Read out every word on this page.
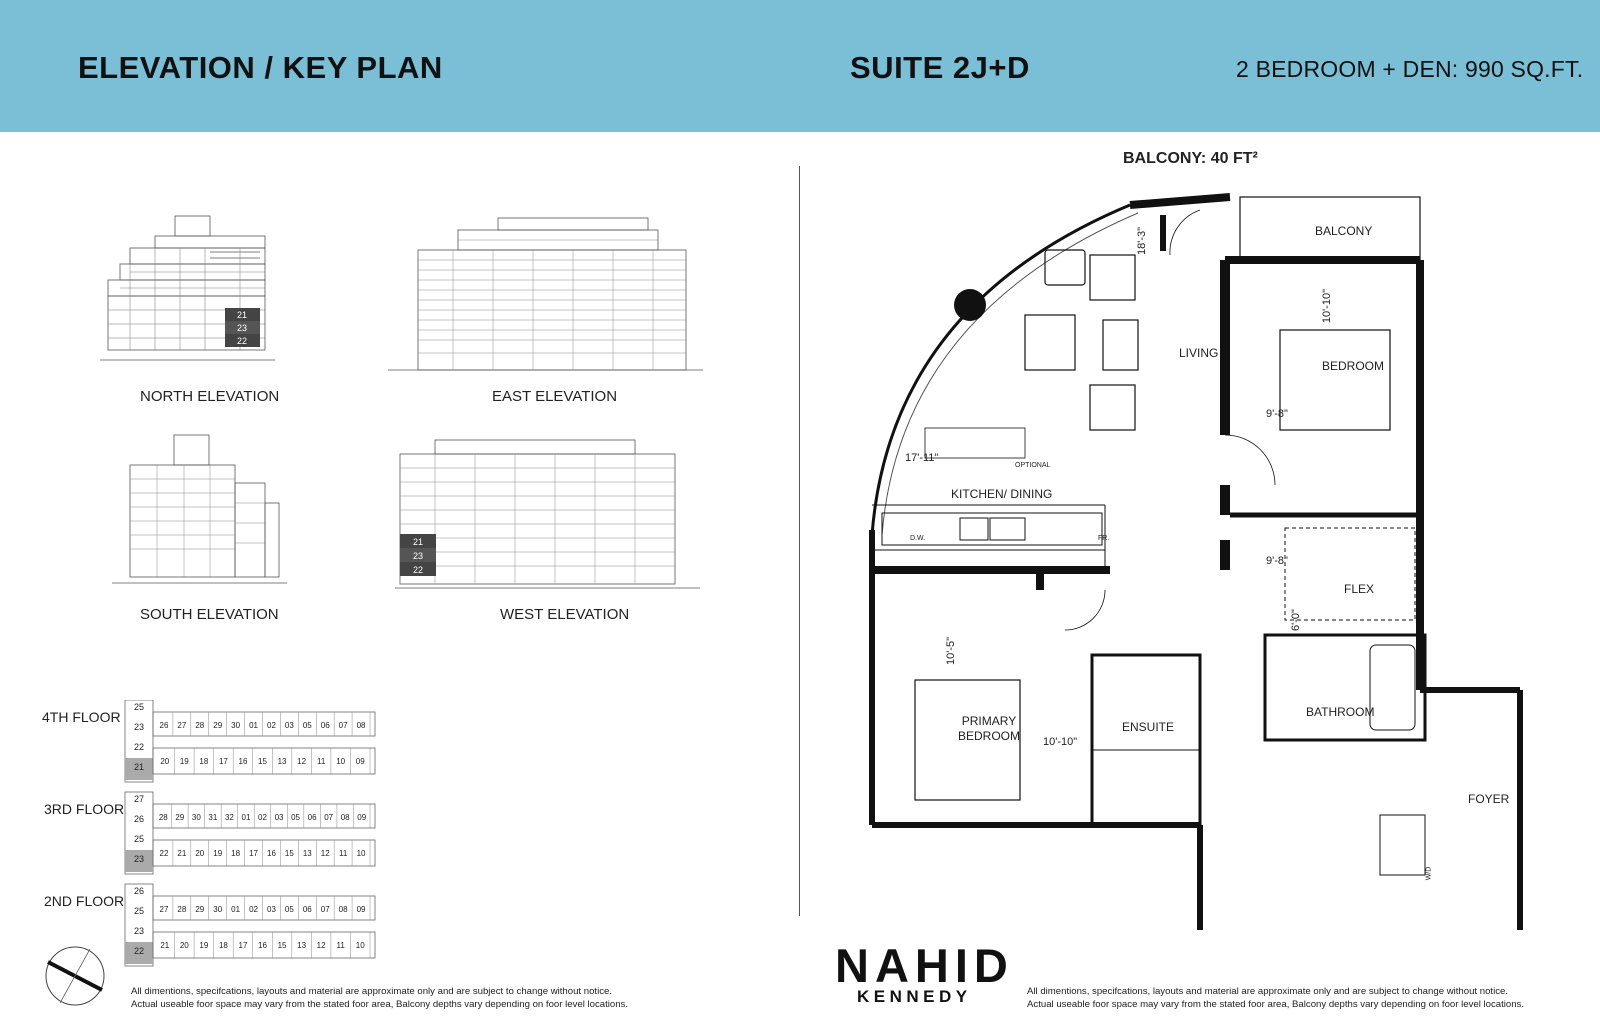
ELEVATION / KEY PLAN	SUITE 2J+D	2 BEDROOM + DEN: 990 SQ.FT.
21
23
22
NORTH ELEVATION	EAST ELEVATION
SOUTH ELEVATION
21
23
22
WEST ELEVATION
4TH FLOOR
3RD FLOOR
2ND FLOOR
25
23
22
21
26 27 28 29 30 01 02 03 05 06 07 08
20 19 18 17 16 15 13 12 11 10 09
27
26
25
23
28 29 30 31 32 01 02 03 05 06 07 08 09
22 21 20 19 18 17 16 15 13 12 11 10
26
25
23
22
27 28 29 30 01 02 03 05 06 07 08 09
21 20 19 18 17 16 15 13 12 11 10
All dimentions, specifcations, layouts and material are approximate only and are subject to change without notice.
Actual useable foor space may vary from the stated foor area, Balcony depths vary depending on foor level locations.
BALCONY: 40 FT²
BALCONY
LIVING
BEDROOM
KITCHEN/ DINING
FLEX
PRIMARY
BEDROOM
ENSUITE
BATHROOM
FOYER
18'-3"
10'-10"
9'-8"
17'-11"
9'-8"
6'-0"
10'-5"
10'-10"
D.W.	FR.
W/D
OPTIONAL
NAHID
KENNEDY	All dimentions, specifcations, layouts and material are approximate only and are subject to change without notice.
Actual useable foor space may vary from the stated foor area, Balcony depths vary depending on foor level locations.
